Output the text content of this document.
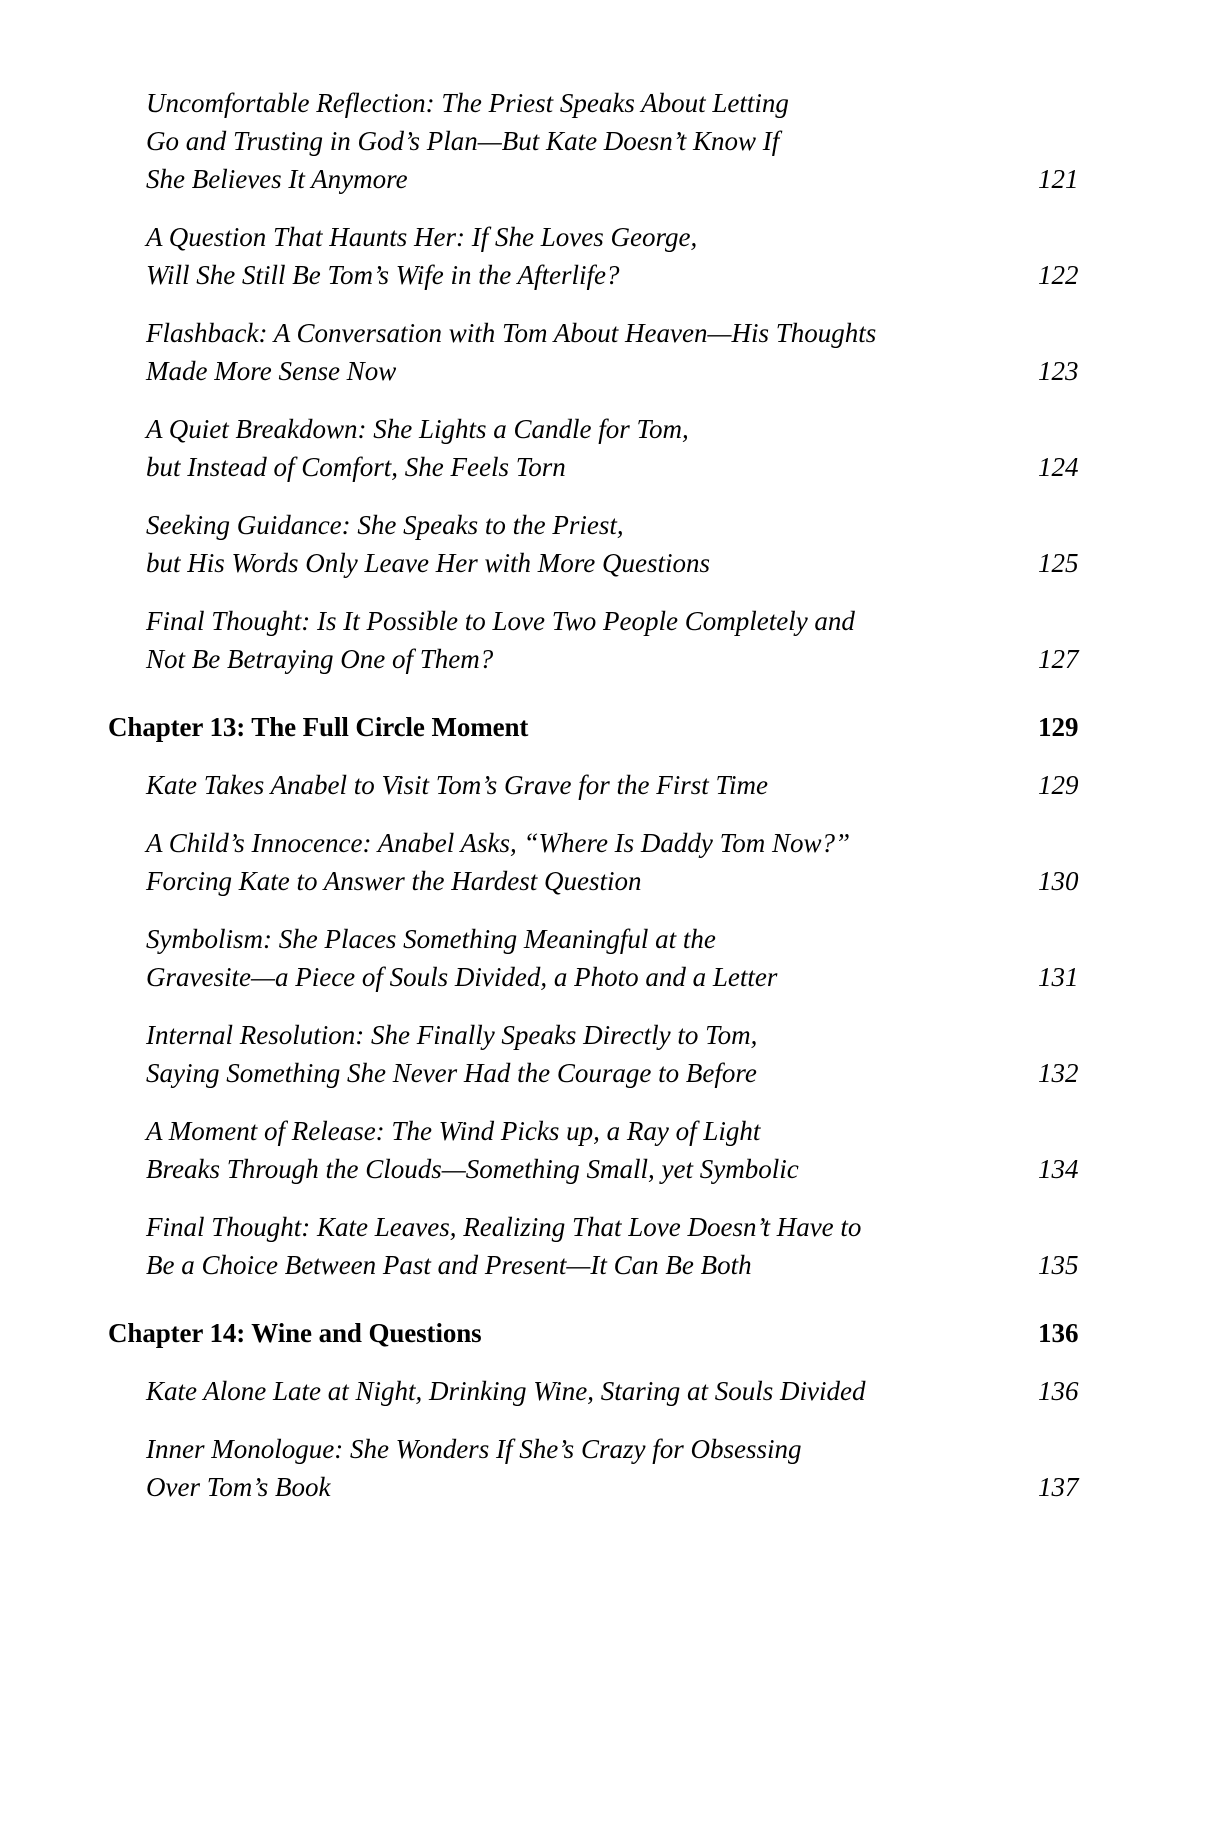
Uncomfortable Reflection: The Priest Speaks About Letting
Go and Trusting in God’s Plan—But Kate Doesn’t Know If
She Believes It Anymore	121
A Question That Haunts Her: If She Loves George,
Will She Still Be Tom’s Wife in the Afterlife?	122
Flashback: A Conversation with Tom About Heaven—His Thoughts
Made More Sense Now	123
A Quiet Breakdown: She Lights a Candle for Tom,
but Instead of Comfort, She Feels Torn	124
Seeking Guidance: She Speaks to the Priest,
but His Words Only Leave Her with More Questions	125
Final Thought: Is It Possible to Love Two People Completely and
Not Be Betraying One of Them?	127
Chapter 13: The Full Circle Moment	129
Kate Takes Anabel to Visit Tom’s Grave for the First Time	129
A Child’s Innocence: Anabel Asks, “Where Is Daddy Tom Now?”
Forcing Kate to Answer the Hardest Question	130
Symbolism: She Places Something Meaningful at the
Gravesite—a Piece of Souls Divided, a Photo and a Letter	131
Internal Resolution: She Finally Speaks Directly to Tom,
Saying Something She Never Had the Courage to Before	132
A Moment of Release: The Wind Picks up, a Ray of Light
Breaks Through the Clouds—Something Small, yet Symbolic	134
Final Thought: Kate Leaves, Realizing That Love Doesn’t Have to
Be a Choice Between Past and Present—It Can Be Both	135
Chapter 14: Wine and Questions	136
Kate Alone Late at Night, Drinking Wine, Staring at Souls Divided	136
Inner Monologue: She Wonders If She’s Crazy for Obsessing
Over Tom’s Book	137
